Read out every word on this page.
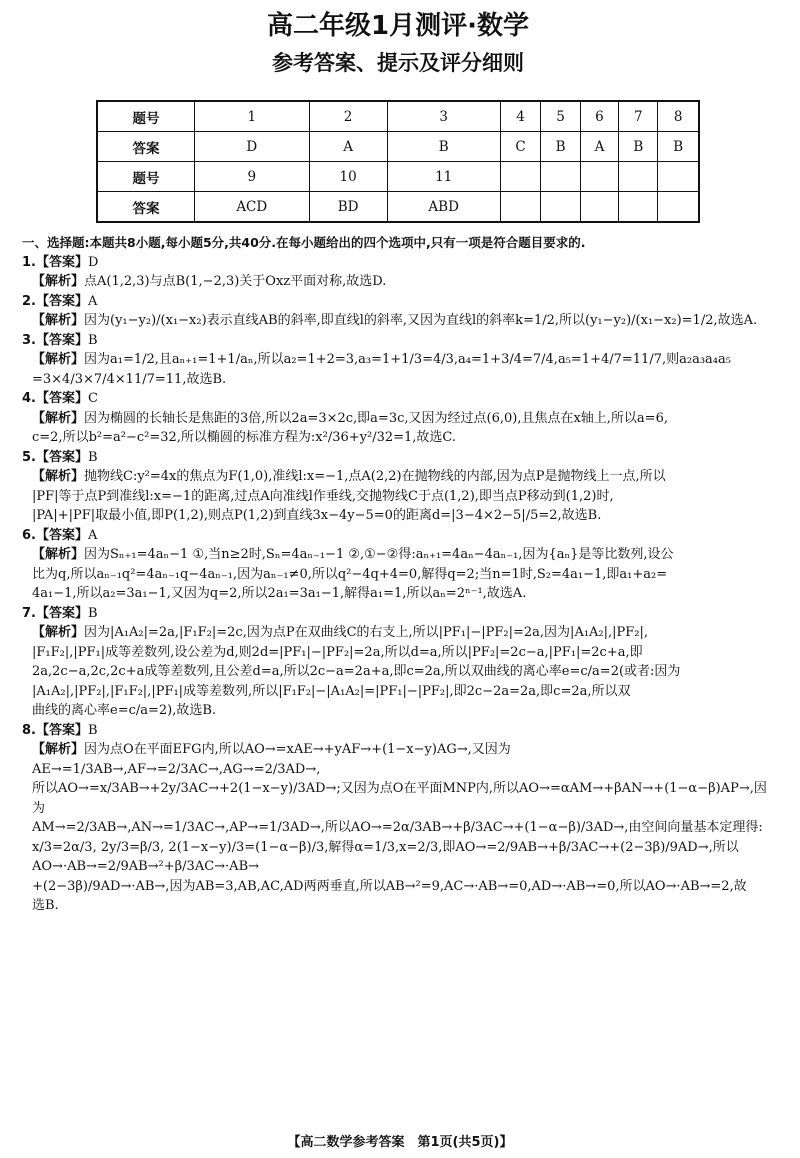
高二年级1月测评·数学
参考答案、提示及评分细则
题号	1	2	3	4	5	6	7	8
答案	D	A	B	C	B	A	B	B
题号	9	10	11					
答案	ACD	BD	ABD					
一、选择题:本题共8小题,每小题5分,共40分.在每小题给出的四个选项中,只有一项是符合题目要求的.

1.【答案】D

【解析】点A(1,2,3)与点B(1,−2,3)关于Oxz平面对称,故选D.

2.【答案】A

【解析】因为(y₁−y₂)/(x₁−x₂)表示直线AB的斜率,即直线l的斜率,又因为直线l的斜率k=1/2,所以(y₁−y₂)/(x₁−x₂)=1/2,故选A.

3.【答案】B

【解析】因为a₁=1/2,且aₙ₊₁=1+1/aₙ,所以a₂=1+2=3,a₃=1+1/3=4/3,a₄=1+3/4=7/4,a₅=1+4/7=11/7,则a₂a₃a₄a₅

=3×4/3×7/4×11/7=11,故选B.

4.【答案】C

【解析】因为椭圆的长轴长是焦距的3倍,所以2a=3×2c,即a=3c,又因为经过点(6,0),且焦点在x轴上,所以a=6,

c=2,所以b²=a²−c²=32,所以椭圆的标准方程为:x²/36+y²/32=1,故选C.

5.【答案】B

【解析】抛物线C:y²=4x的焦点为F(1,0),准线l:x=−1,点A(2,2)在抛物线的内部,因为点P是抛物线上一点,所以

|PF|等于点P到准线l:x=−1的距离,过点A向准线l作垂线,交抛物线C于点(1,2),即当点P移动到(1,2)时,

|PA|+|PF|取最小值,即P(1,2),则点P(1,2)到直线3x−4y−5=0的距离d=|3−4×2−5|/5=2,故选B.

6.【答案】A

【解析】因为Sₙ₊₁=4aₙ−1 ①,当n≥2时,Sₙ=4aₙ₋₁−1 ②,①−②得:aₙ₊₁=4aₙ−4aₙ₋₁,因为{aₙ}是等比数列,设公

比为q,所以aₙ₋₁q²=4aₙ₋₁q−4aₙ₋₁,因为aₙ₋₁≠0,所以q²−4q+4=0,解得q=2;当n=1时,S₂=4a₁−1,即a₁+a₂=

4a₁−1,所以a₂=3a₁−1,又因为q=2,所以2a₁=3a₁−1,解得a₁=1,所以aₙ=2ⁿ⁻¹,故选A.

7.【答案】B

【解析】因为|A₁A₂|=2a,|F₁F₂|=2c,因为点P在双曲线C的右支上,所以|PF₁|−|PF₂|=2a,因为|A₁A₂|,|PF₂|,

|F₁F₂|,|PF₁|成等差数列,设公差为d,则2d=|PF₁|−|PF₂|=2a,所以d=a,所以|PF₂|=2c−a,|PF₁|=2c+a,即

2a,2c−a,2c,2c+a成等差数列,且公差d=a,所以2c−a=2a+a,即c=2a,所以双曲线的离心率e=c/a=2(或者:因为

|A₁A₂|,|PF₂|,|F₁F₂|,|PF₁|成等差数列,所以|F₁F₂|−|A₁A₂|=|PF₁|−|PF₂|,即2c−2a=2a,即c=2a,所以双

曲线的离心率e=c/a=2),故选B.

8.【答案】B

【解析】因为点O在平面EFG内,所以AO→=xAE→+yAF→+(1−x−y)AG→,又因为AE→=1/3AB→,AF→=2/3AC→,AG→=2/3AD→,

所以AO→=x/3AB→+2y/3AC→+2(1−x−y)/3AD→;又因为点O在平面MNP内,所以AO→=αAM→+βAN→+(1−α−β)AP→,因为

AM→=2/3AB→,AN→=1/3AC→,AP→=1/3AD→,所以AO→=2α/3AB→+β/3AC→+(1−α−β)/3AD→,由空间向量基本定理得:

x/3=2α/3, 2y/3=β/3, 2(1−x−y)/3=(1−α−β)/3,解得α=1/3,x=2/3,即AO→=2/9AB→+β/3AC→+(2−3β)/9AD→,所以AO→·AB→=2/9AB→²+β/3AC→·AB→

+(2−3β)/9AD→·AB→,因为AB=3,AB,AC,AD两两垂直,所以AB→²=9,AC→·AB→=0,AD→·AB→=0,所以AO→·AB→=2,故

选B.

【高二数学参考答案　第1页(共5页)】
